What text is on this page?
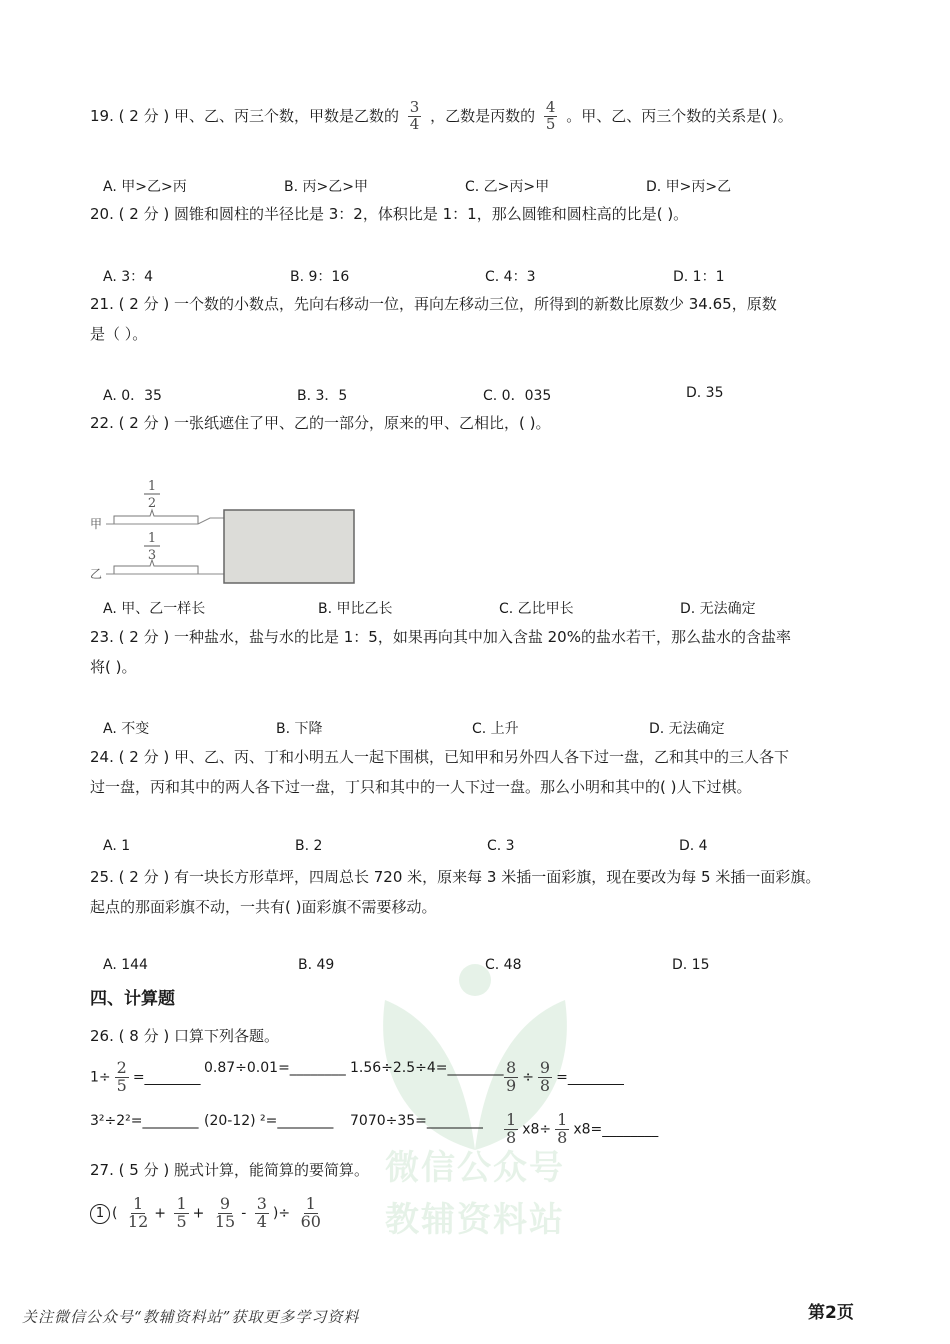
微信公众号
教辅资料站
19. ( 2 分 ) 甲、乙、丙三个数，甲数是乙数的 $\frac{3}{4}$ ，乙数是丙数的 $\frac{4}{5}$ 。甲、乙、丙三个数的关系是( )。
A. 甲>乙>丙	B. 丙>乙>甲	C. 乙>丙>甲	D. 甲>丙>乙
20. ( 2 分 ) 圆锥和圆柱的半径比是 3：2，体积比是 1：1，那么圆锥和圆柱高的比是( )。
A. 3：4	B. 9：16	C. 4：3	D. 1：1
21. ( 2 分 ) 一个数的小数点，先向右移动一位，再向左移动三位，所得到的新数比原数少 34.65，原数
是（ ）。
A. 0．35	B. 3．5	C. 0．035	D. 35
22. ( 2 分 ) 一张纸遮住了甲、乙的一部分，原来的甲、乙相比，( )。
1
2
甲
1
3
乙
A. 甲、乙一样长	B. 甲比乙长	C. 乙比甲长	D. 无法确定
23. ( 2 分 ) 一种盐水，盐与水的比是 1：5，如果再向其中加入含盐 20%的盐水若干，那么盐水的含盐率
将( )。
A. 不变	B. 下降	C. 上升	D. 无法确定
24. ( 2 分 ) 甲、乙、丙、丁和小明五人一起下围棋，已知甲和另外四人各下过一盘，乙和其中的三人各下
过一盘，丙和其中的两人各下过一盘，丁只和其中的一人下过一盘。那么小明和其中的( )人下过棋。
A. 1	B. 2	C. 3	D. 4
25. ( 2 分 ) 有一块长方形草坪，四周总长 720 米，原来每 3 米插一面彩旗，现在要改为每 5 米插一面彩旗。
起点的那面彩旗不动，一共有( )面彩旗不需要移动。
A. 144	B. 49	C. 48	D. 15
四、计算题
26. ( 8 分 ) 口算下列各题。
$1\div \frac{2}{5}$ =________
0.87÷0.01=________ 1.56÷2.5÷4=________ $\frac{8}{9} \div \frac{9}{8}$ =________
3²÷2²=________ (20-12) ²=________ 7070÷35=________ $\frac{1}{8} x8\div \frac{1}{8}$ x8=________
27. ( 5 分 ) 脱式计算，能简算的要简算。
1 ( $\frac{1}{12} + \frac{1}{5} + \frac{9}{15} - \frac{3}{4}$ )÷ $\frac{1}{60}$
关注微信公众号“教辅资料站”获取更多学习资料	第2页
